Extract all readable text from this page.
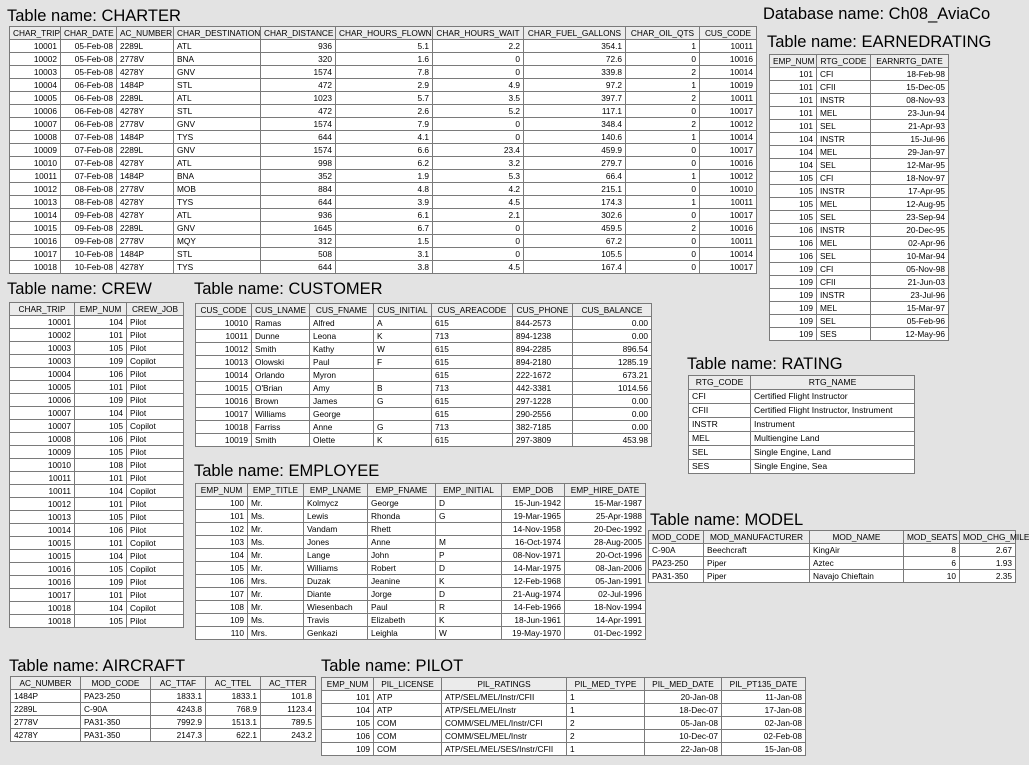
Table name: CHARTER	Database name: Ch08_AviaCo
Table name: EARNEDRATING
Table name: CREW	Table name: CUSTOMER
Table name: RATING
Table name: EMPLOYEE
Table name: MODEL
Table name: AIRCRAFT	Table name: PILOT
CHAR_TRIP	CHAR_DATE	AC_NUMBER	CHAR_DESTINATION	CHAR_DISTANCE	CHAR_HOURS_FLOWN	CHAR_HOURS_WAIT	CHAR_FUEL_GALLONS	CHAR_OIL_QTS	CUS_CODE
10001	05-Feb-08	2289L	ATL	936	5.1	2.2	354.1	1	10011
10002	05-Feb-08	2778V	BNA	320	1.6	0	72.6	0	10016
10003	05-Feb-08	4278Y	GNV	1574	7.8	0	339.8	2	10014
10004	06-Feb-08	1484P	STL	472	2.9	4.9	97.2	1	10019
10005	06-Feb-08	2289L	ATL	1023	5.7	3.5	397.7	2	10011
10006	06-Feb-08	4278Y	STL	472	2.6	5.2	117.1	0	10017
10007	06-Feb-08	2778V	GNV	1574	7.9	0	348.4	2	10012
10008	07-Feb-08	1484P	TYS	644	4.1	0	140.6	1	10014
10009	07-Feb-08	2289L	GNV	1574	6.6	23.4	459.9	0	10017
10010	07-Feb-08	4278Y	ATL	998	6.2	3.2	279.7	0	10016
10011	07-Feb-08	1484P	BNA	352	1.9	5.3	66.4	1	10012
10012	08-Feb-08	2778V	MOB	884	4.8	4.2	215.1	0	10010
10013	08-Feb-08	4278Y	TYS	644	3.9	4.5	174.3	1	10011
10014	09-Feb-08	4278Y	ATL	936	6.1	2.1	302.6	0	10017
10015	09-Feb-08	2289L	GNV	1645	6.7	0	459.5	2	10016
10016	09-Feb-08	2778V	MQY	312	1.5	0	67.2	0	10011
10017	10-Feb-08	1484P	STL	508	3.1	0	105.5	0	10014
10018	10-Feb-08	4278Y	TYS	644	3.8	4.5	167.4	0	10017
EMP_NUM	RTG_CODE	EARNRTG_DATE
101	CFI	18-Feb-98
101	CFII	15-Dec-05
101	INSTR	08-Nov-93
101	MEL	23-Jun-94
101	SEL	21-Apr-93
104	INSTR	15-Jul-96
104	MEL	29-Jan-97
104	SEL	12-Mar-95
105	CFI	18-Nov-97
105	INSTR	17-Apr-95
105	MEL	12-Aug-95
105	SEL	23-Sep-94
106	INSTR	20-Dec-95
106	MEL	02-Apr-96
106	SEL	10-Mar-94
109	CFI	05-Nov-98
109	CFII	21-Jun-03
109	INSTR	23-Jul-96
109	MEL	15-Mar-97
109	SEL	05-Feb-96
109	SES	12-May-96
CHAR_TRIP	EMP_NUM	CREW_JOB
10001	104	Pilot
10002	101	Pilot
10003	105	Pilot
10003	109	Copilot
10004	106	Pilot
10005	101	Pilot
10006	109	Pilot
10007	104	Pilot
10007	105	Copilot
10008	106	Pilot
10009	105	Pilot
10010	108	Pilot
10011	101	Pilot
10011	104	Copilot
10012	101	Pilot
10013	105	Pilot
10014	106	Pilot
10015	101	Copilot
10015	104	Pilot
10016	105	Copilot
10016	109	Pilot
10017	101	Pilot
10018	104	Copilot
10018	105	Pilot
CUS_CODE	CUS_LNAME	CUS_FNAME	CUS_INITIAL	CUS_AREACODE	CUS_PHONE	CUS_BALANCE
10010	Ramas	Alfred	A	615	844-2573	0.00
10011	Dunne	Leona	K	713	894-1238	0.00
10012	Smith	Kathy	W	615	894-2285	896.54
10013	Olowski	Paul	F	615	894-2180	1285.19
10014	Orlando	Myron		615	222-1672	673.21
10015	O'Brian	Amy	B	713	442-3381	1014.56
10016	Brown	James	G	615	297-1228	0.00
10017	Williams	George		615	290-2556	0.00
10018	Farriss	Anne	G	713	382-7185	0.00
10019	Smith	Olette	K	615	297-3809	453.98
RTG_CODE	RTG_NAME
CFI	Certified Flight Instructor
CFII	Certified Flight Instructor, Instrument
INSTR	Instrument
MEL	Multiengine Land
SEL	Single Engine, Land
SES	Single Engine, Sea
EMP_NUM	EMP_TITLE	EMP_LNAME	EMP_FNAME	EMP_INITIAL	EMP_DOB	EMP_HIRE_DATE
100	Mr.	Kolmycz	George	D	15-Jun-1942	15-Mar-1987
101	Ms.	Lewis	Rhonda	G	19-Mar-1965	25-Apr-1988
102	Mr.	Vandam	Rhett		14-Nov-1958	20-Dec-1992
103	Ms.	Jones	Anne	M	16-Oct-1974	28-Aug-2005
104	Mr.	Lange	John	P	08-Nov-1971	20-Oct-1996
105	Mr.	Williams	Robert	D	14-Mar-1975	08-Jan-2006
106	Mrs.	Duzak	Jeanine	K	12-Feb-1968	05-Jan-1991
107	Mr.	Diante	Jorge	D	21-Aug-1974	02-Jul-1996
108	Mr.	Wiesenbach	Paul	R	14-Feb-1966	18-Nov-1994
109	Ms.	Travis	Elizabeth	K	18-Jun-1961	14-Apr-1991
110	Mrs.	Genkazi	Leighla	W	19-May-1970	01-Dec-1992
MOD_CODE	MOD_MANUFACTURER	MOD_NAME	MOD_SEATS	MOD_CHG_MILE
C-90A	Beechcraft	KingAir	8	2.67
PA23-250	Piper	Aztec	6	1.93
PA31-350	Piper	Navajo Chieftain	10	2.35
AC_NUMBER	MOD_CODE	AC_TTAF	AC_TTEL	AC_TTER
1484P	PA23-250	1833.1	1833.1	101.8
2289L	C-90A	4243.8	768.9	1123.4
2778V	PA31-350	7992.9	1513.1	789.5
4278Y	PA31-350	2147.3	622.1	243.2
EMP_NUM	PIL_LICENSE	PIL_RATINGS	PIL_MED_TYPE	PIL_MED_DATE	PIL_PT135_DATE
101	ATP	ATP/SEL/MEL/Instr/CFII	1	20-Jan-08	11-Jan-08
104	ATP	ATP/SEL/MEL/Instr	1	18-Dec-07	17-Jan-08
105	COM	COMM/SEL/MEL/Instr/CFI	2	05-Jan-08	02-Jan-08
106	COM	COMM/SEL/MEL/Instr	2	10-Dec-07	02-Feb-08
109	COM	ATP/SEL/MEL/SES/Instr/CFII	1	22-Jan-08	15-Jan-08
